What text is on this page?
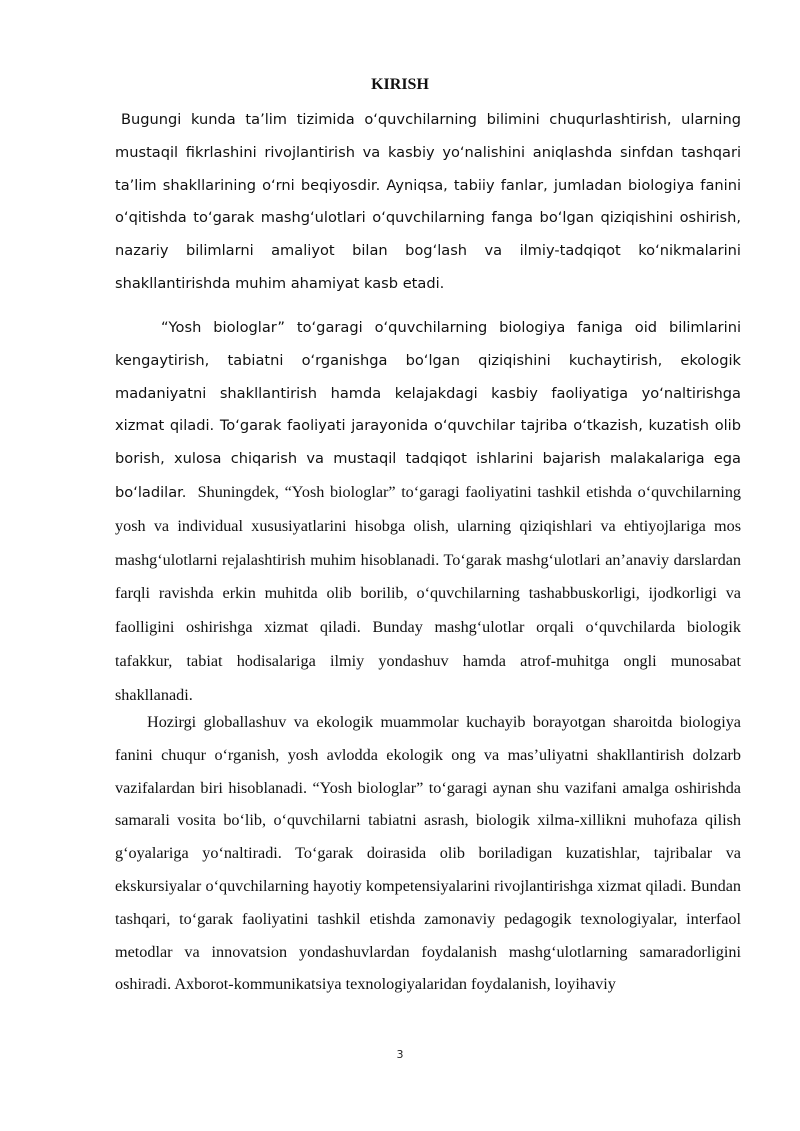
KIRISH

Bugungi kunda ta’lim tizimida o‘quvchilarning bilimini chuqurlashtirish, ularning mustaqil fikrlashini rivojlantirish va kasbiy yo‘nalishini aniqlashda sinfdan tashqari ta’lim shakllarining o‘rni beqiyosdir. Ayniqsa, tabiiy fanlar, jumladan biologiya fanini o‘qitishda to‘garak mashg‘ulotlari o‘quvchilarning fanga bo‘lgan qiziqishini oshirish, nazariy bilimlarni amaliyot bilan bog‘lash va ilmiy-tadqiqot ko‘nikmalarini shakllantirishda muhim ahamiyat kasb etadi.

“Yosh biologlar” to‘garagi o‘quvchilarning biologiya faniga oid bilimlarini kengaytirish, tabiatni o‘rganishga bo‘lgan qiziqishini kuchaytirish, ekologik madaniyatni shakllantirish hamda kelajakdagi kasbiy faoliyatiga yo‘naltirishga xizmat qiladi. To‘garak faoliyati jarayonida o‘quvchilar tajriba o‘tkazish, kuzatish olib borish, xulosa chiqarish va mustaqil tadqiqot ishlarini bajarish malakalariga ega bo‘ladilar. Shuningdek, “Yosh biologlar” to‘garagi faoliyatini tashkil etishda o‘quvchilarning yosh va individual xususiyatlarini hisobga olish, ularning qiziqishlari va ehtiyojlariga mos mashg‘ulotlarni rejalashtirish muhim hisoblanadi. To‘garak mashg‘ulotlari an’anaviy darslardan farqli ravishda erkin muhitda olib borilib, o‘quvchilarning tashabbuskorligi, ijodkorligi va faolligini oshirishga xizmat qiladi. Bunday mashg‘ulotlar orqali o‘quvchilarda biologik tafakkur, tabiat hodisalariga ilmiy yondashuv hamda atrof-muhitga ongli munosabat shakllanadi.

Hozirgi globallashuv va ekologik muammolar kuchayib borayotgan sharoitda biologiya fanini chuqur o‘rganish, yosh avlodda ekologik ong va mas’uliyatni shakllantirish dolzarb vazifalardan biri hisoblanadi. “Yosh biologlar” to‘garagi aynan shu vazifani amalga oshirishda samarali vosita bo‘lib, o‘quvchilarni tabiatni asrash, biologik xilma-xillikni muhofaza qilish g‘oyalariga yo‘naltiradi. To‘garak doirasida olib boriladigan kuzatishlar, tajribalar va ekskursiyalar o‘quvchilarning hayotiy kompetensiyalarini rivojlantirishga xizmat qiladi. Bundan tashqari, to‘garak faoliyatini tashkil etishda zamonaviy pedagogik texnologiyalar, interfaol metodlar va innovatsion yondashuvlardan foydalanish mashg‘ulotlarning samaradorligini oshiradi. Axborot-kommunikatsiya texnologiyalaridan foydalanish, loyihaviy

3
